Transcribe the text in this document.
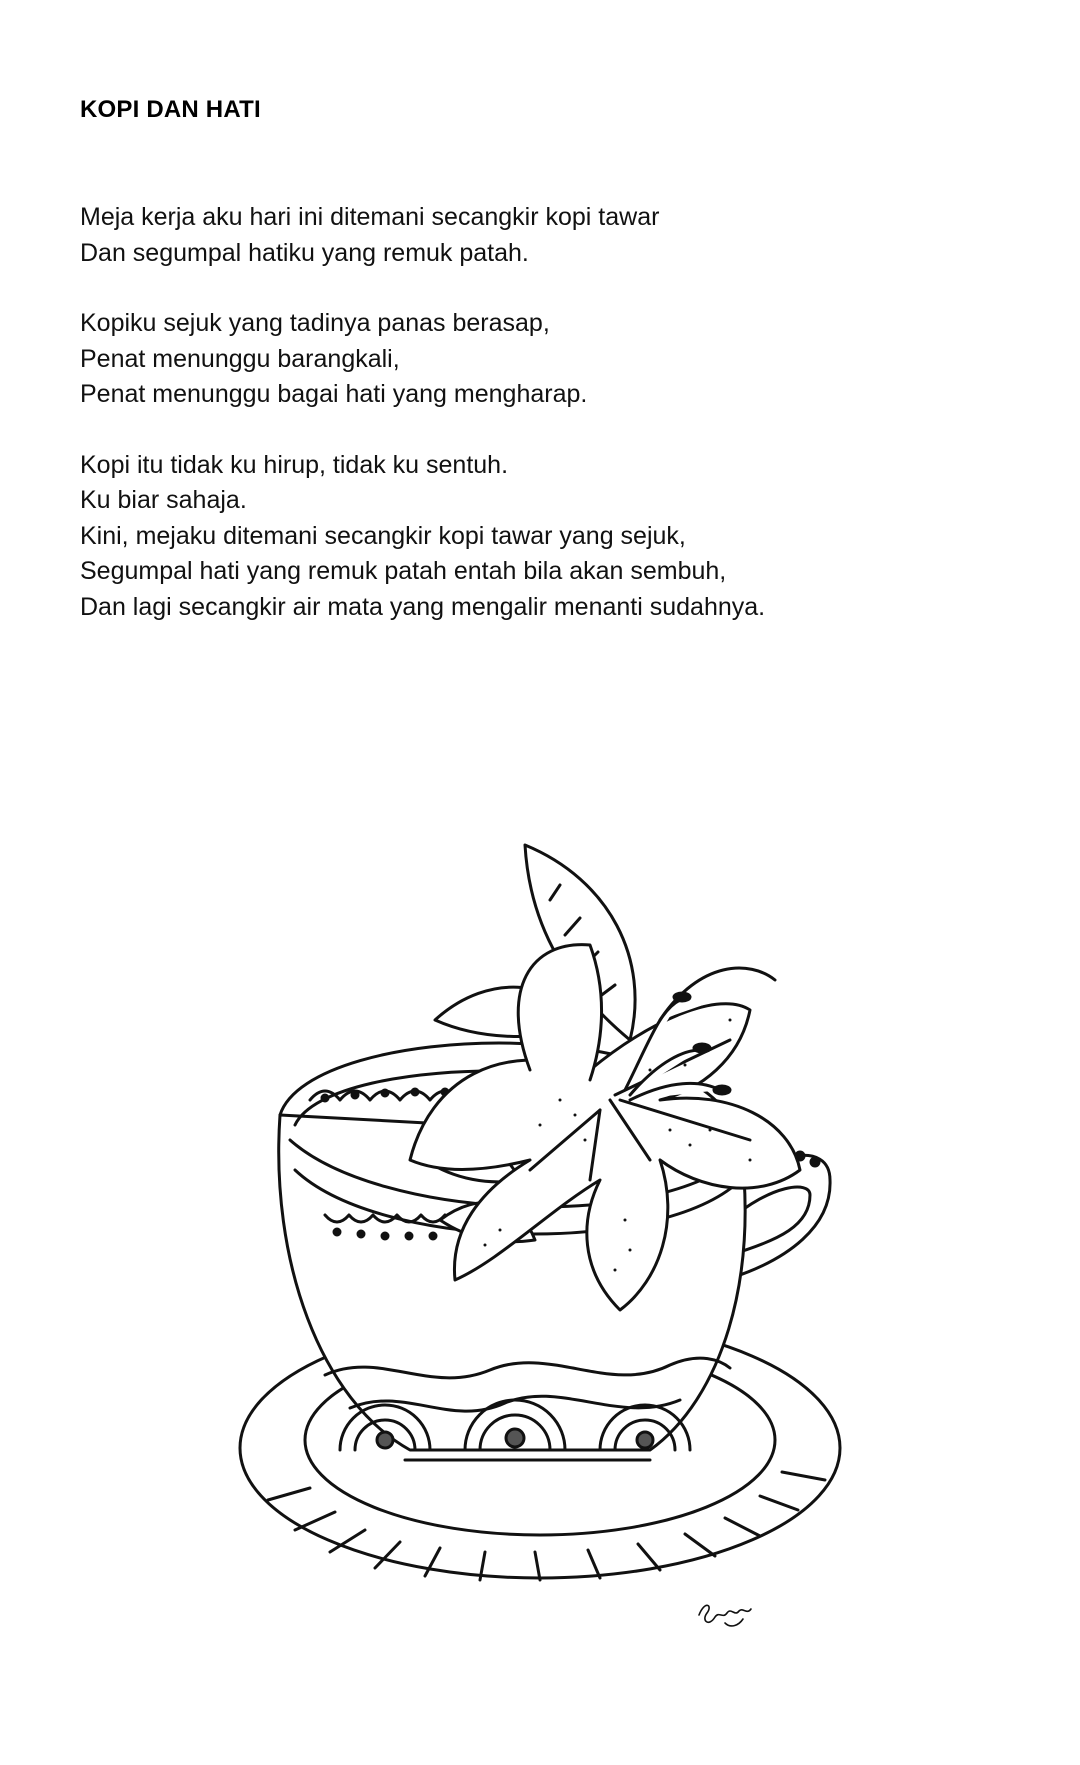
KOPI DAN HATI
Meja kerja aku hari ini ditemani secangkir kopi tawar
Dan segumpal hatiku yang remuk patah.
Kopiku sejuk yang tadinya panas berasap,
Penat menunggu barangkali,
Penat menunggu bagai hati yang mengharap.
Kopi itu tidak ku hirup, tidak ku sentuh.
Ku biar sahaja.
Kini, mejaku ditemani secangkir kopi tawar yang sejuk,
Segumpal hati yang remuk patah entah bila akan sembuh,
Dan lagi secangkir air mata yang mengalir menanti sudahnya.
